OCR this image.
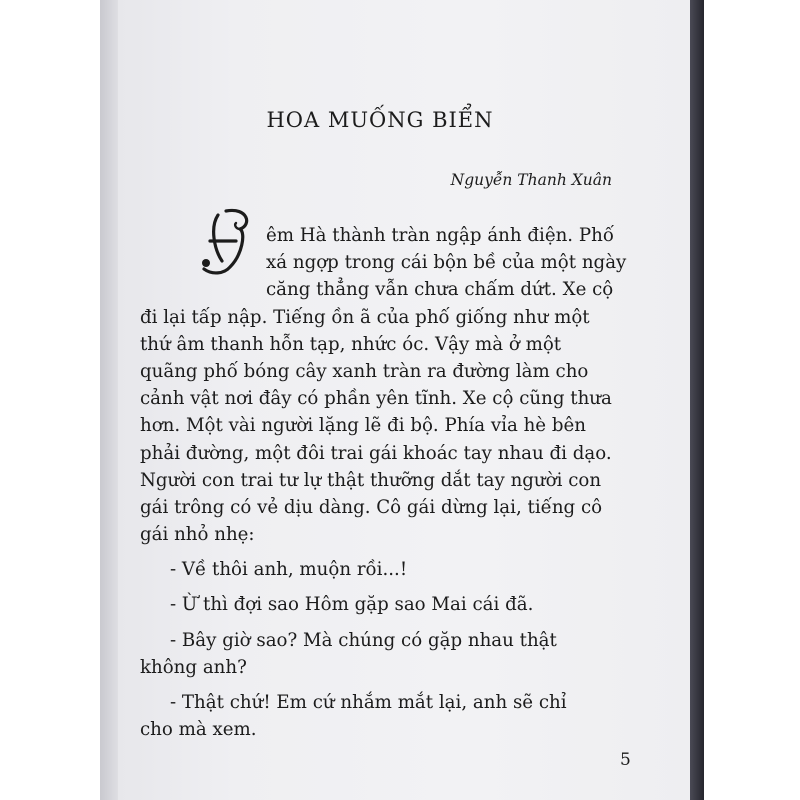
HOA MUỐNG BIỂN
Nguyễn Thanh Xuân
êm Hà thành tràn ngập ánh điện. Phố
xá ngợp trong cái bộn bề của một ngày
căng thẳng vẫn chưa chấm dứt. Xe cộ
đi lại tấp nập. Tiếng ồn ã của phố giống như một
thứ âm thanh hỗn tạp, nhức óc. Vậy mà ở một
quãng phố bóng cây xanh tràn ra đường làm cho
cảnh vật nơi đây có phần yên tĩnh. Xe cộ cũng thưa
hơn. Một vài người lặng lẽ đi bộ. Phía vỉa hè bên
phải đường, một đôi trai gái khoác tay nhau đi dạo.
Người con trai tư lự thật thưỡng dắt tay người con
gái trông có vẻ dịu dàng. Cô gái dừng lại, tiếng cô
gái nhỏ nhẹ:
- Về thôi anh, muộn rồi...!
- Ừ thì đợi sao Hôm gặp sao Mai cái đã.
- Bây giờ sao? Mà chúng có gặp nhau thật
không anh?
- Thật chứ! Em cứ nhắm mắt lại, anh sẽ chỉ
cho mà xem.
5
